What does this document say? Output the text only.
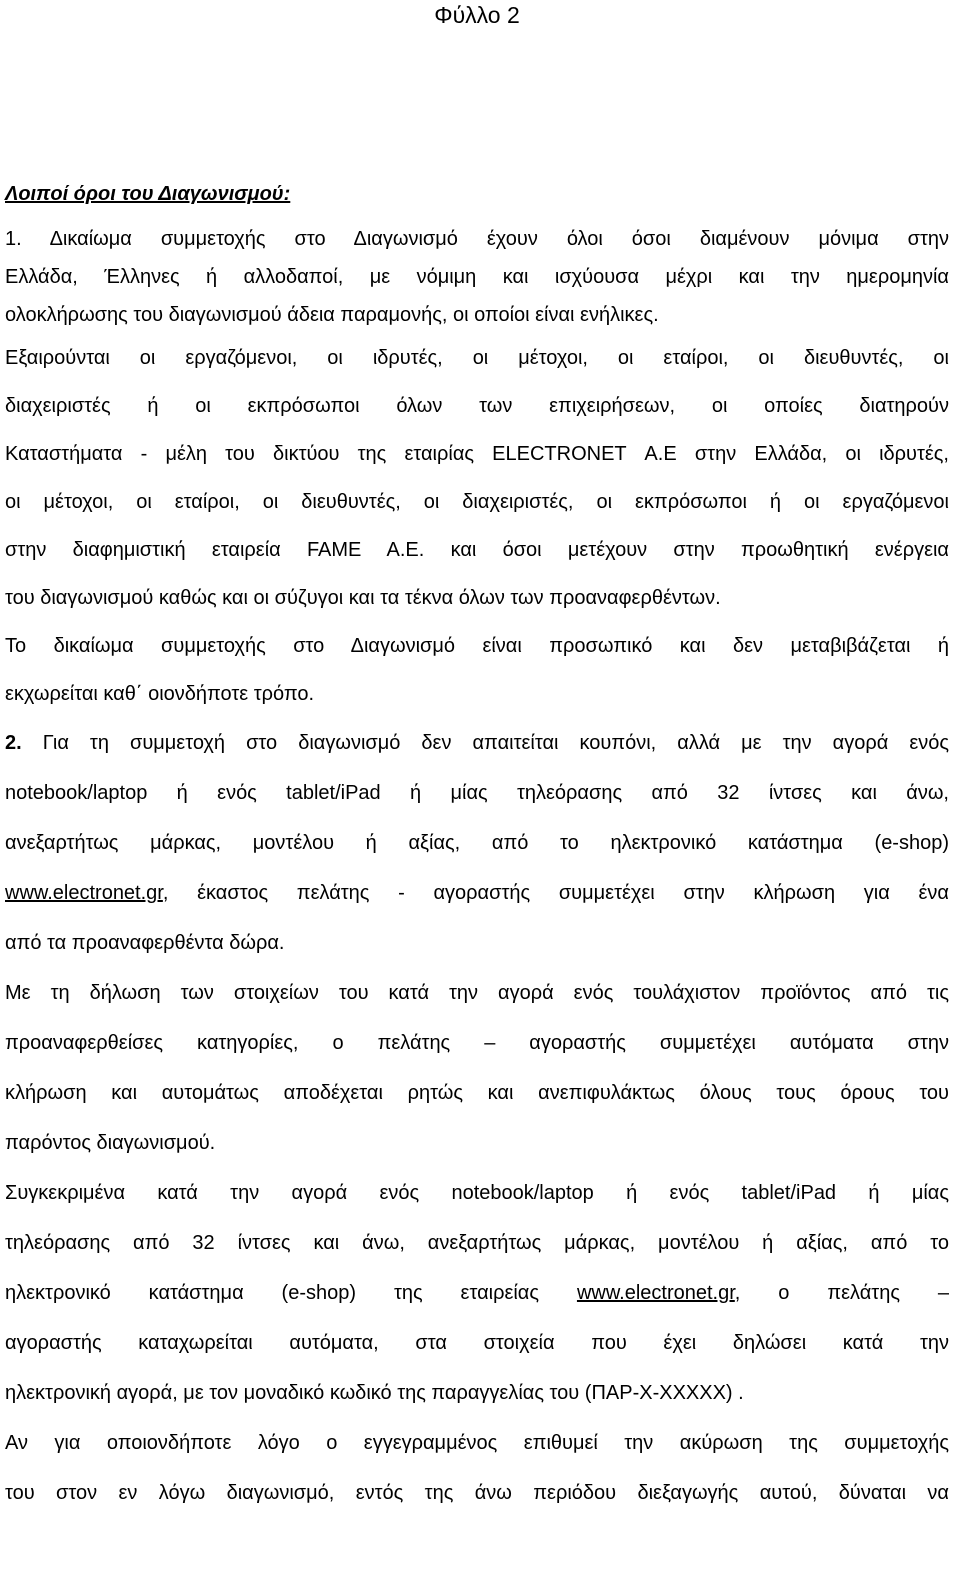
Φύλλο 2
Λοιποί όροι του Διαγωνισμού:
1. Δικαίωμα συμμετοχής στο Διαγωνισμό έχουν όλοι όσοι διαμένουν μόνιμα στην
Ελλάδα, Έλληνες ή αλλοδαποί, με νόμιμη και ισχύουσα μέχρι και την ημερομηνία
ολοκλήρωσης του διαγωνισμού άδεια παραμονής, οι οποίοι είναι ενήλικες.
Εξαιρούνται οι εργαζόμενοι, οι ιδρυτές, οι μέτοχοι, οι εταίροι, οι διευθυντές, οι
διαχειριστές ή οι εκπρόσωποι όλων των επιχειρήσεων, οι οποίες διατηρούν
Καταστήματα - μέλη του δικτύου της εταιρίας ELECTRONET Α.Ε στην Ελλάδα, οι ιδρυτές,
οι μέτοχοι, οι εταίροι, οι διευθυντές, οι διαχειριστές, οι εκπρόσωποι ή οι εργαζόμενοι
στην διαφημιστική εταιρεία FAME A.E. και όσοι μετέχουν στην προωθητική ενέργεια
του διαγωνισμού καθώς και οι σύζυγοι και τα τέκνα όλων των προαναφερθέντων.
Το δικαίωμα συμμετοχής στο Διαγωνισμό είναι προσωπικό και δεν μεταβιβάζεται ή
εκχωρείται καθ΄ οιονδήποτε τρόπο.
2. Για τη συμμετοχή στο διαγωνισμό δεν απαιτείται κουπόνι, αλλά με την αγορά ενός
notebook/laptop ή ενός tablet/iPad ή μίας τηλεόρασης από 32 ίντσες και άνω,
ανεξαρτήτως μάρκας, μοντέλου ή αξίας, από το ηλεκτρονικό κατάστημα (e-shop)
www.electronet.gr, έκαστος πελάτης - αγοραστής συμμετέχει στην κλήρωση για ένα
από τα προαναφερθέντα δώρα.
Με τη δήλωση των στοιχείων του κατά την αγορά ενός τουλάχιστον προϊόντος από τις
προαναφερθείσες κατηγορίες, ο πελάτης – αγοραστής συμμετέχει αυτόματα στην
κλήρωση και αυτομάτως αποδέχεται ρητώς και ανεπιφυλάκτως όλους τους όρους του
παρόντος διαγωνισμού.
Συγκεκριμένα κατά την αγορά ενός notebook/laptop ή ενός tablet/iPad ή μίας
τηλεόρασης από 32 ίντσες και άνω, ανεξαρτήτως μάρκας, μοντέλου ή αξίας, από το
ηλεκτρονικό κατάστημα (e-shop) της εταιρείας www.electronet.gr, ο πελάτης –
αγοραστής καταχωρείται αυτόματα, στα στοιχεία που έχει δηλώσει κατά την
ηλεκτρονική αγορά, με τον μοναδικό κωδικό της παραγγελίας του (ΠΑΡ-Χ-ΧΧΧΧΧ) .
Αν για οποιονδήποτε λόγο ο εγγεγραμμένος επιθυμεί την ακύρωση της συμμετοχής
του στον εν λόγω διαγωνισμό, εντός της άνω περιόδου διεξαγωγής αυτού, δύναται να
